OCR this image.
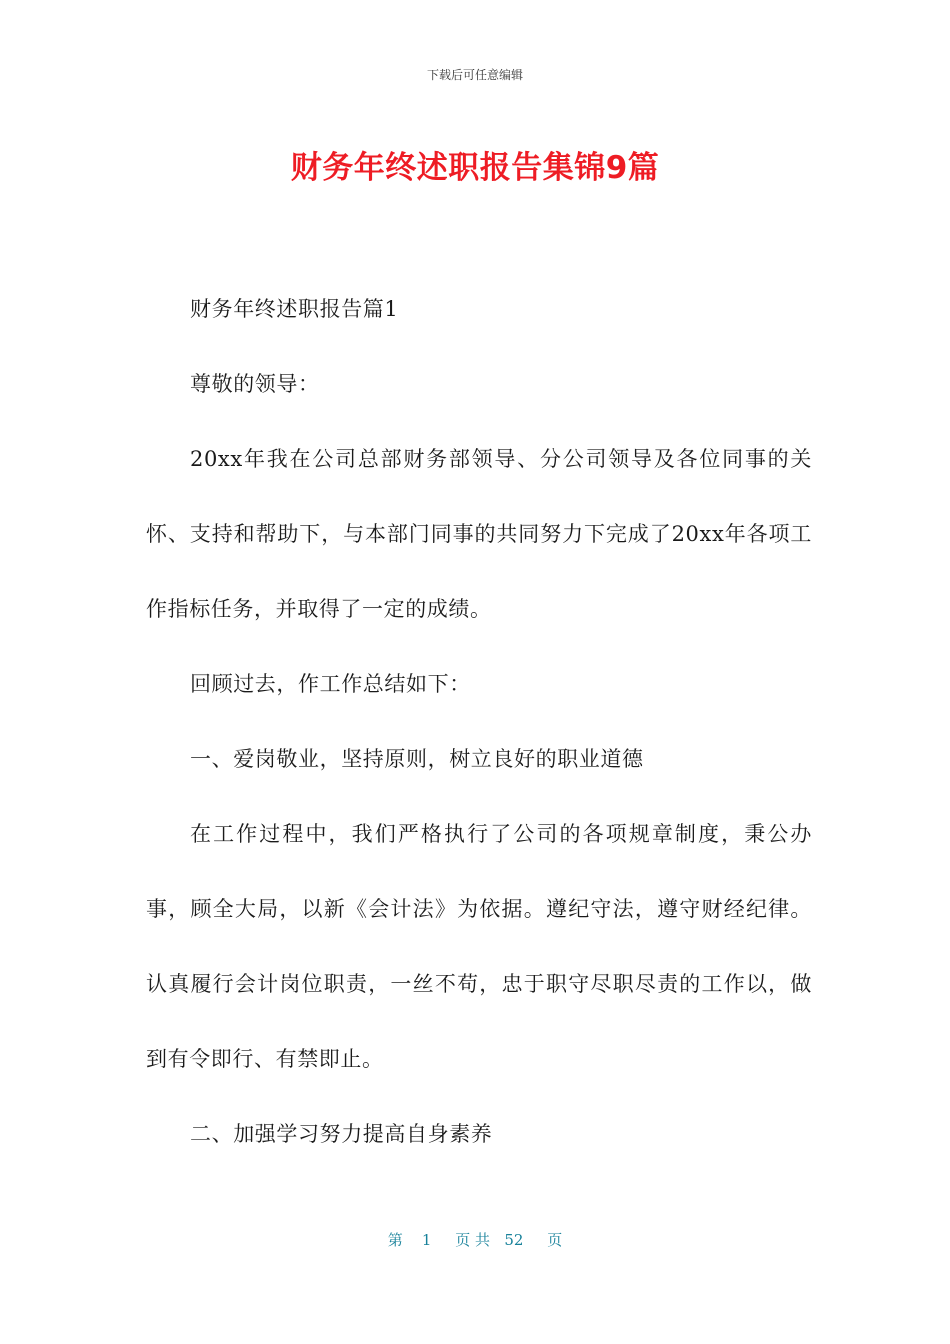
下载后可任意编辑
财务年终述职报告集锦9篇

财务年终述职报告篇1

尊敬的领导：

20xx年我在公司总部财务部领导、分公司领导及各位同事的关怀、支持和帮助下，与本部门同事的共同努力下完成了20xx年各项工作指标任务，并取得了一定的成绩。

回顾过去，作工作总结如下：

一、爱岗敬业，坚持原则，树立良好的职业道德

在工作过程中，我们严格执行了公司的各项规章制度，秉公办事，顾全大局，以新《会计法》为依据。遵纪守法，遵守财经纪律。认真履行会计岗位职责，一丝不苟，忠于职守尽职尽责的工作以，做到有令即行、有禁即止。

二、加强学习努力提高自身素养

第 1 页 共 52 页
